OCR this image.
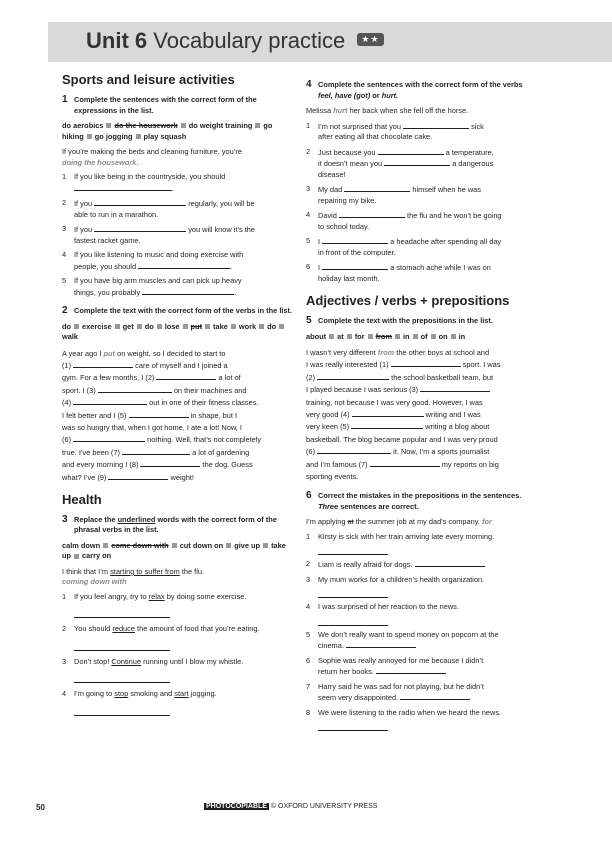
Unit 6 Vocabulary practice ★★
Sports and leisure activities
1 Complete the sentences with the correct form of the expressions in the list.
do aerobics do the housework do weight training go hiking go jogging play squash
If you’re making the beds and cleaning furniture, you’re
doing the housework.
1	If you like being in the countryside, you should
.
2	If you	regularly, you will be
able to run in a marathon.
3	If you	you will know it’s the
fastest racket game.
4	If you like listening to music and doing exercise with
people, you should	.
5	If you have big arm muscles and can pick up heavy
things, you probably	.
2 Complete the text with the correct form of the verbs in the list.
do exercise get do lose put take work dowalk
A year ago I put on weight, so I decided to start to
(1)	care of myself and I joined a
gym. For a few months, I (2)	a lot of
sport. I (3)	on their machines and
(4)	out in one of their fitness classes.
I felt better and I (5)	in shape, but I
was so hungry that, when I got home, I ate a lot! Now, I
(6)	nothing. Well, that’s not completely
true. I’ve been (7)	a lot of gardening
and every morning I (8)	the dog. Guess
what? I’ve (9)	weight!
Health
3 Replace the underlined words with the correct form of the phrasal verbs in the list.
calm down come down with cut down on give up take up carry on
I think that I’m starting to suffer from the flu.
coming down with
1	If you feel angry, try to relax by doing some exercise.
2	You should reduce the amount of food that you’re eating.
3	Don’t stop! Continue running until I blow my whistle.
4	I’m going to stop smoking and start jogging.
4 Complete the sentences with the correct form of the verbs feel, have (got) or hurt.
Melissa hurt her back when she fell off the horse.
1	I’m not surprised that you	sick
after eating all that chocolate cake.
2	Just because you	a temperature,
it doesn’t mean you	a dangerous
disease!
3	My dad	himself when he was
repairing my bike.
4	David	the flu and he won’t be going
to school today.
5	I	a headache after spending all day
in front of the computer.
6	I	a stomach ache while I was on
holiday last month.
Adjectives / verbs + prepositions
5 Complete the text with the prepositions in the list.
about at for from in of on in
I wasn’t very different from the other boys at school and
I was really interested (1)	sport. I was
(2)	the school basketball team, but
I played because I was serious (3)
training, not because I was very good. However, I was
very good (4)	writing and I was
very keen (5)	writing a blog about
basketball. The blog became popular and I was very proud
(6)	it. Now, I’m a sports journalist
and I’m famous (7)	my reports on big
sporting events.
6 Correct the mistakes in the prepositions in the sentences. Three sentences are correct.
I’m applying at the summer job at my dad’s company. for
1	Kirsty is sick with her train arriving late every morning.
2	Liam is really afraid for dogs.
3	My mum works for a children’s health organization.
4	I was surprised of her reaction to the news.
5	We don’t really want to spend money on popcorn at the
cinema.
6	Sophie was really annoyed for me because I didn’t
return her books.
7	Harry said he was sad for not playing, but he didn’t
seem very disappointed.
8	We were listening to the radio when we heard the news.
50	PHOTOCOPIABLE © OXFORD UNIVERSITY PRESS
